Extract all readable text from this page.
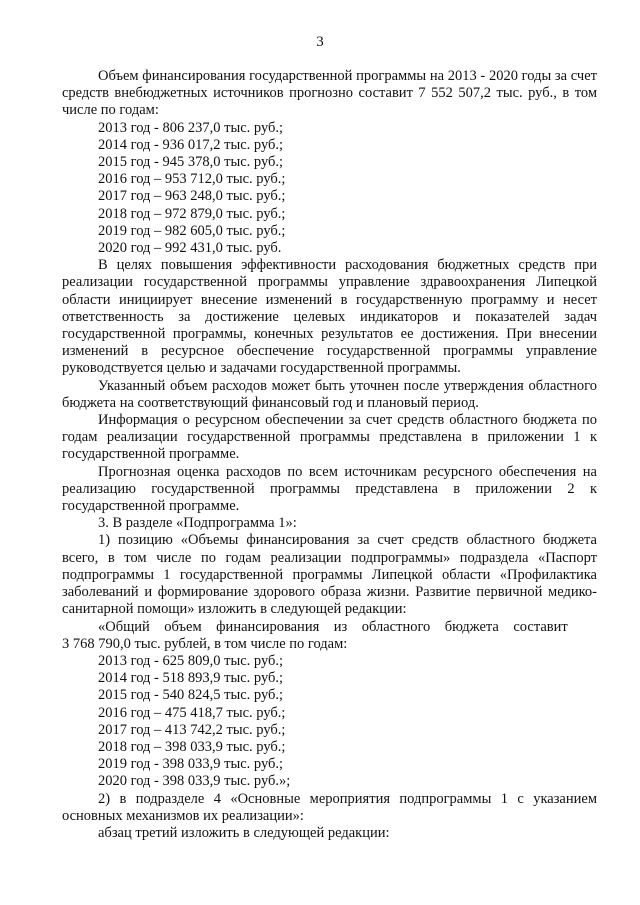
3

Объем финансирования государственной программы на 2013 - 2020 годы за счет средств внебюджетных источников прогнозно составит 7 552 507,2 тыс. руб., в том числе по годам:

2013 год - 806 237,0 тыс. руб.;

2014 год - 936 017,2 тыс. руб.;

2015 год - 945 378,0 тыс. руб.;

2016 год – 953 712,0 тыс. руб.;

2017 год – 963 248,0 тыс. руб.;

2018 год – 972 879,0 тыс. руб.;

2019 год – 982 605,0 тыс. руб.;

2020 год – 992 431,0 тыс. руб.

В целях повышения эффективности расходования бюджетных средств при реализации государственной программы управление здравоохранения Липецкой области инициирует внесение изменений в государственную программу и несет ответственность за достижение целевых индикаторов и показателей задач государственной программы, конечных результатов ее достижения. При внесении изменений в ресурсное обеспечение государственной программы управление руководствуется целью и задачами государственной программы.

Указанный объем расходов может быть уточнен после утверждения областного бюджета на соответствующий финансовый год и плановый период.

Информация о ресурсном обеспечении за счет средств областного бюджета по годам реализации государственной программы представлена в приложении 1 к государственной программе.

Прогнозная оценка расходов по всем источникам ресурсного обеспечения на реализацию государственной программы представлена в приложении 2 к государственной программе.

3. В разделе «Подпрограмма 1»:

1) позицию «Объемы финансирования за счет средств областного бюджета всего, в том числе по годам реализации подпрограммы» подраздела «Паспорт подпрограммы 1 государственной программы Липецкой области «Профилактика заболеваний и формирование здорового образа жизни. Развитие первичной медико-санитарной помощи» изложить в следующей редакции:

«Общий    объем    финансирования    из    областного    бюджета    составит

3 768 790,0 тыс. рублей, в том числе по годам:

2013 год - 625 809,0 тыс. руб.;

2014 год - 518 893,9 тыс. руб.;

2015 год - 540 824,5 тыс. руб.;

2016 год – 475 418,7 тыс. руб.;

2017 год – 413 742,2 тыс. руб.;

2018 год – 398 033,9 тыс. руб.;

2019 год - 398 033,9 тыс. руб.;

2020 год - 398 033,9 тыс. руб.»;

2) в подразделе 4 «Основные мероприятия подпрограммы 1 с указанием основных механизмов их реализации»:

абзац третий изложить в следующей редакции:
